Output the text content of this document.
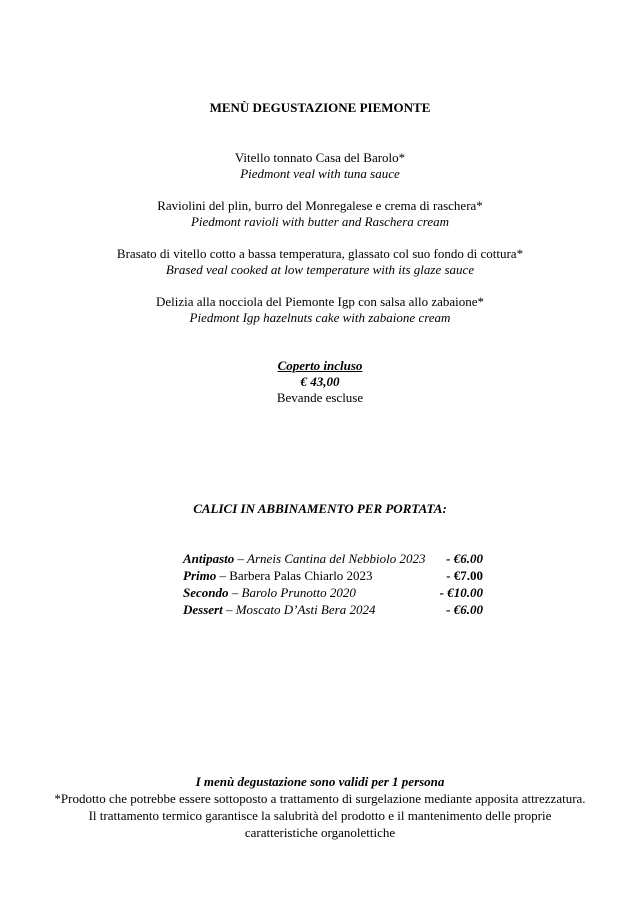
MENÙ DEGUSTAZIONE PIEMONTE
Vitello tonnato Casa del Barolo*
Piedmont veal with tuna sauce
Raviolini del plin, burro del Monregalese e crema di raschera*
Piedmont ravioli with butter and Raschera cream
Brasato di vitello cotto a bassa temperatura, glassato col suo fondo di cottura*
Brased veal cooked at low temperature with its glaze sauce
Delizia alla nocciola del Piemonte Igp con salsa allo zabaione*
Piedmont Igp hazelnuts cake with zabaione cream
Coperto incluso
€ 43,00
Bevande escluse
CALICI IN ABBINAMENTO PER PORTATA:
Antipasto – Arneis Cantina del Nebbiolo 2023 - €6.00
Primo – Barbera Palas Chiarlo 2023	- €7.00
Secondo – Barolo Prunotto 2020	- €10.00
Dessert – Moscato D’Asti Bera 2024	- €6.00
I menù degustazione sono validi per 1 persona
*Prodotto che potrebbe essere sottoposto a trattamento di surgelazione mediante apposita attrezzatura.
Il trattamento termico garantisce la salubrità del prodotto e il mantenimento delle proprie
caratteristiche organolettiche
